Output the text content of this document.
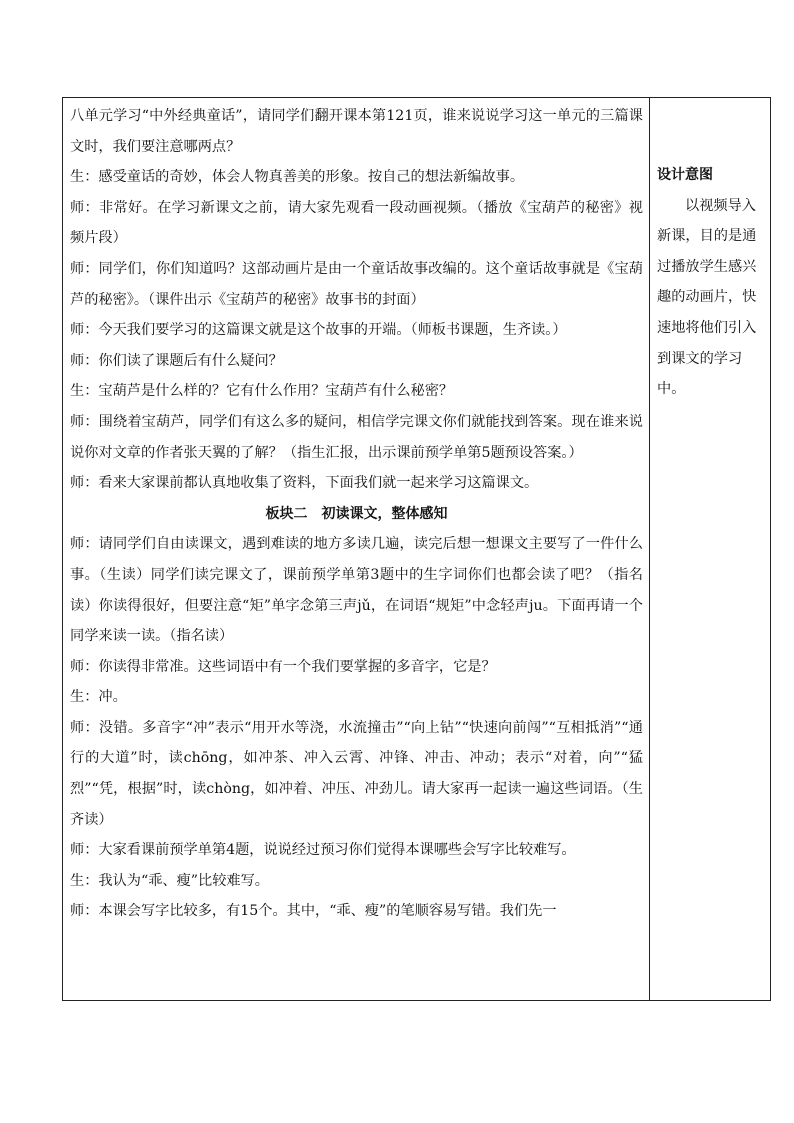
八单元学习“中外经典童话”，请同学们翻开课本第121页，谁来说说学习这一单元的三篇课文时，我们要注意哪两点？

生：感受童话的奇妙，体会人物真善美的形象。按自己的想法新编故事。

师：非常好。在学习新课文之前，请大家先观看一段动画视频。（播放《宝葫芦的秘密》视频片段）

师：同学们，你们知道吗？这部动画片是由一个童话故事改编的。这个童话故事就是《宝葫芦的秘密》。（课件出示《宝葫芦的秘密》故事书的封面）

师：今天我们要学习的这篇课文就是这个故事的开端。（师板书课题，生齐读。）

师：你们读了课题后有什么疑问？

生：宝葫芦是什么样的？它有什么作用？宝葫芦有什么秘密？

师：围绕着宝葫芦，同学们有这么多的疑问，相信学完课文你们就能找到答案。现在谁来说说你对文章的作者张天翼的了解？（指生汇报，出示课前预学单第5题预设答案。）

师：看来大家课前都认真地收集了资料，下面我们就一起来学习这篇课文。

板块二　初读课文，整体感知

师：请同学们自由读课文，遇到难读的地方多读几遍，读完后想一想课文主要写了一件什么事。（生读）同学们读完课文了，课前预学单第3题中的生字词你们也都会读了吧？（指名读）你读得很好，但要注意“矩”单字念第三声jǔ，在词语“规矩”中念轻声ju。下面再请一个同学来读一读。（指名读）

师：你读得非常准。这些词语中有一个我们要掌握的多音字，它是？

生：冲。

师：没错。多音字“冲”表示“用开水等浇，水流撞击”“向上钻”“快速向前闯”“互相抵消”“通行的大道”时，读chōng，如冲茶、冲入云霄、冲锋、冲击、冲动；表示“对着，向”“猛烈”“凭，根据”时，读chòng，如冲着、冲压、冲劲儿。请大家再一起读一遍这些词语。（生齐读）

师：大家看课前预学单第4题，说说经过预习你们觉得本课哪些会写字比较难写。

生：我认为“乖、瘦”比较难写。

师：本课会写字比较多，有15个。其中，“乖、瘦”的笔顺容易写错。我们先一

设计意图

以视频导入新课，目的是通过播放学生感兴趣的动画片，快速地将他们引入到课文的学习中。
